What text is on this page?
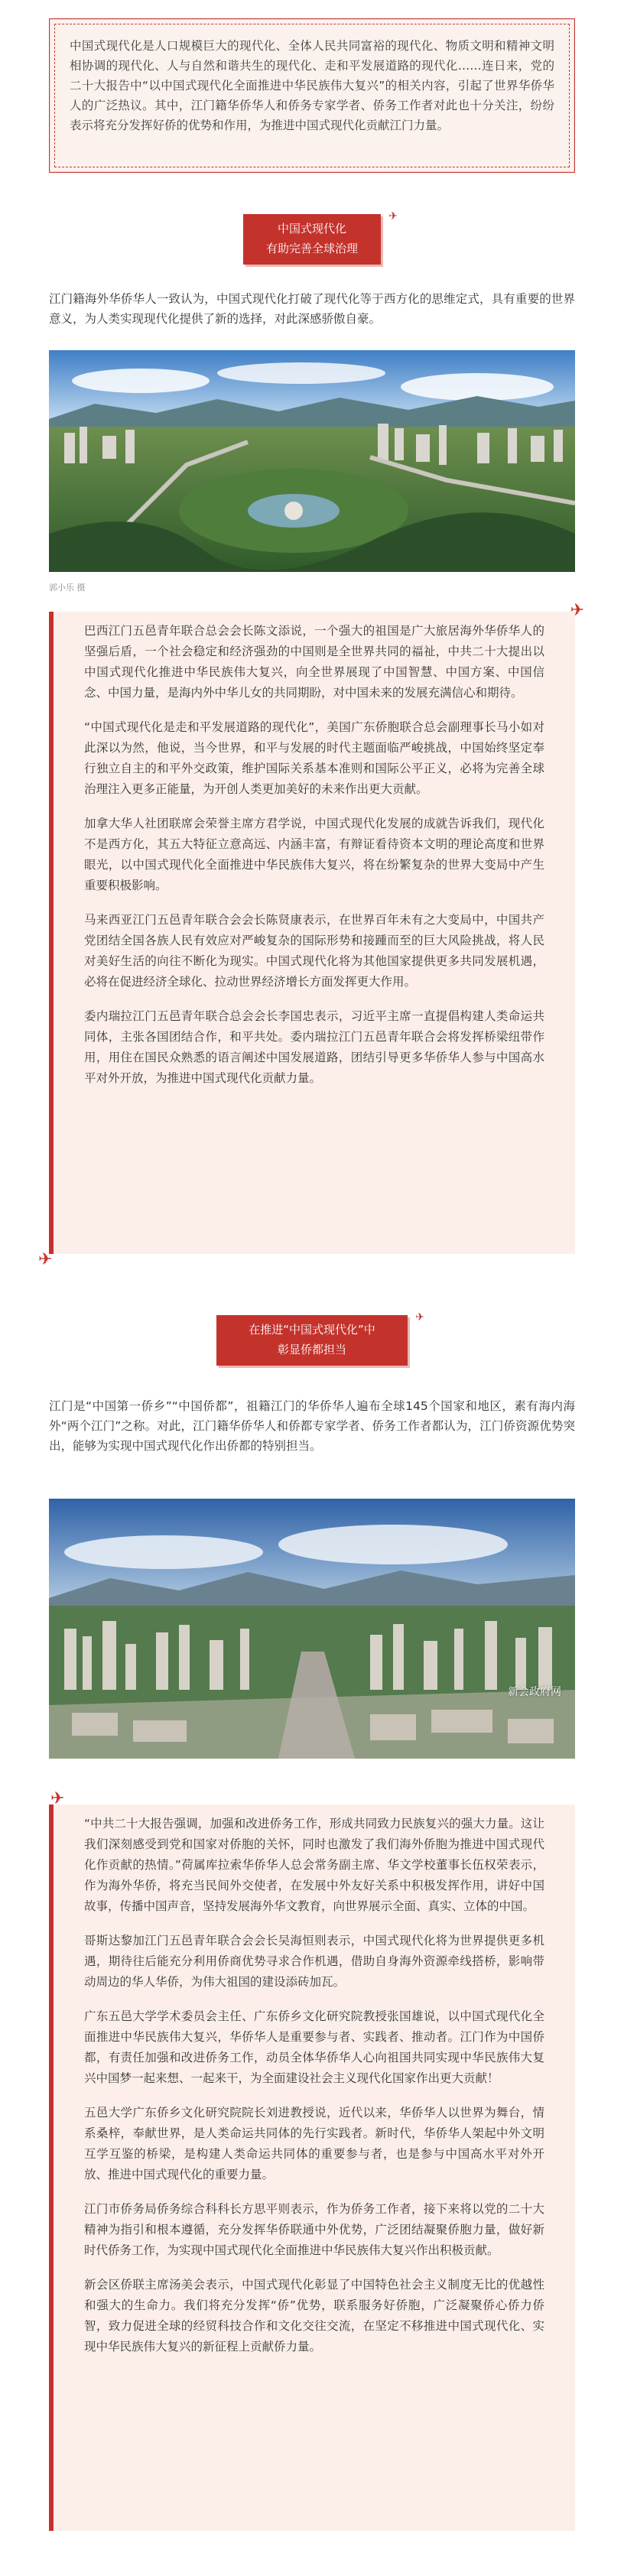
中国式现代化是人口规模巨大的现代化、全体人民共同富裕的现代化、物质文明和精神文明相协调的现代化、人与自然和谐共生的现代化、走和平发展道路的现代化……连日来，党的二十大报告中“以中国式现代化全面推进中华民族伟大复兴”的相关内容，引起了世界华侨华人的广泛热议。其中，江门籍华侨华人和侨务专家学者、侨务工作者对此也十分关注，纷纷表示将充分发挥好侨的优势和作用，为推进中国式现代化贡献江门力量。

中国式现代化
有助完善全球治理
✈

江门籍海外华侨华人一致认为，中国式现代化打破了现代化等于西方化的思维定式，具有重要的世界意义，为人类实现现代化提供了新的选择，对此深感骄傲自豪。

郭小乐 摄
✈
✈

巴西江门五邑青年联合总会会长陈文添说，一个强大的祖国是广大旅居海外华侨华人的坚强后盾，一个社会稳定和经济强劲的中国则是全世界共同的福祉，中共二十大提出以中国式现代化推进中华民族伟大复兴，向全世界展现了中国智慧、中国方案、中国信念、中国力量，是海内外中华儿女的共同期盼，对中国未来的发展充满信心和期待。

“中国式现代化是走和平发展道路的现代化”，美国广东侨胞联合总会副理事长马小如对此深以为然，他说，当今世界，和平与发展的时代主题面临严峻挑战，中国始终坚定奉行独立自主的和平外交政策，维护国际关系基本准则和国际公平正义，必将为完善全球治理注入更多正能量，为开创人类更加美好的未来作出更大贡献。

加拿大华人社团联席会荣誉主席方君学说，中国式现代化发展的成就告诉我们，现代化不是西方化，其五大特征立意高远、内涵丰富，有辩证看待资本文明的理论高度和世界眼光，以中国式现代化全面推进中华民族伟大复兴，将在纷繁复杂的世界大变局中产生重要积极影响。

马来西亚江门五邑青年联合会会长陈贤康表示，在世界百年未有之大变局中，中国共产党团结全国各族人民有效应对严峻复杂的国际形势和接踵而至的巨大风险挑战，将人民对美好生活的向往不断化为现实。中国式现代化将为其他国家提供更多共同发展机遇，必将在促进经济全球化、拉动世界经济增长方面发挥更大作用。

委内瑞拉江门五邑青年联合总会会长李国忠表示，习近平主席一直提倡构建人类命运共同体，主张各国团结合作，和平共处。委内瑞拉江门五邑青年联合会将发挥桥梁纽带作用，用住在国民众熟悉的语言阐述中国发展道路，团结引导更多华侨华人参与中国高水平对外开放，为推进中国式现代化贡献力量。

在推进“中国式现代化”中
彰显侨都担当
✈

江门是“中国第一侨乡”“中国侨都”，祖籍江门的华侨华人遍布全球145个国家和地区，素有海内海外“两个江门”之称。对此，江门籍华侨华人和侨都专家学者、侨务工作者都认为，江门侨资源优势突出，能够为实现中国式现代化作出侨都的特别担当。

新会政府网
✈

“中共二十大报告强调，加强和改进侨务工作，形成共同致力民族复兴的强大力量。这让我们深刻感受到党和国家对侨胞的关怀，同时也激发了我们海外侨胞为推进中国式现代化作贡献的热情。”荷属库拉索华侨华人总会常务副主席、华文学校董事长伍权荣表示，作为海外华侨，将充当民间外交使者，在发展中外友好关系中积极发挥作用，讲好中国故事，传播中国声音，坚持发展海外华文教育，向世界展示全面、真实、立体的中国。

哥斯达黎加江门五邑青年联合会会长吴海恒则表示，中国式现代化将为世界提供更多机遇，期待往后能充分利用侨商优势寻求合作机遇，借助自身海外资源牵线搭桥，影响带动周边的华人华侨，为伟大祖国的建设添砖加瓦。

广东五邑大学学术委员会主任、广东侨乡文化研究院教授张国雄说，以中国式现代化全面推进中华民族伟大复兴，华侨华人是重要参与者、实践者、推动者。江门作为中国侨都，有责任加强和改进侨务工作，动员全体华侨华人心向祖国共同实现中华民族伟大复兴中国梦一起来想、一起来干，为全面建设社会主义现代化国家作出更大贡献！

五邑大学广东侨乡文化研究院院长刘进教授说，近代以来，华侨华人以世界为舞台，情系桑梓，奉献世界，是人类命运共同体的先行实践者。新时代，华侨华人架起中外文明互学互鉴的桥梁，是构建人类命运共同体的重要参与者，也是参与中国高水平对外开放、推进中国式现代化的重要力量。

江门市侨务局侨务综合科科长方思平则表示，作为侨务工作者，接下来将以党的二十大精神为指引和根本遵循，充分发挥华侨联通中外优势，广泛团结凝聚侨胞力量，做好新时代侨务工作，为实现中国式现代化全面推进中华民族伟大复兴作出积极贡献。

新会区侨联主席汤美会表示，中国式现代化彰显了中国特色社会主义制度无比的优越性和强大的生命力。我们将充分发挥“侨”优势，联系服务好侨胞，广泛凝聚侨心侨力侨智，致力促进全球的经贸科技合作和文化交往交流，在坚定不移推进中国式现代化、实现中华民族伟大复兴的新征程上贡献侨力量。
